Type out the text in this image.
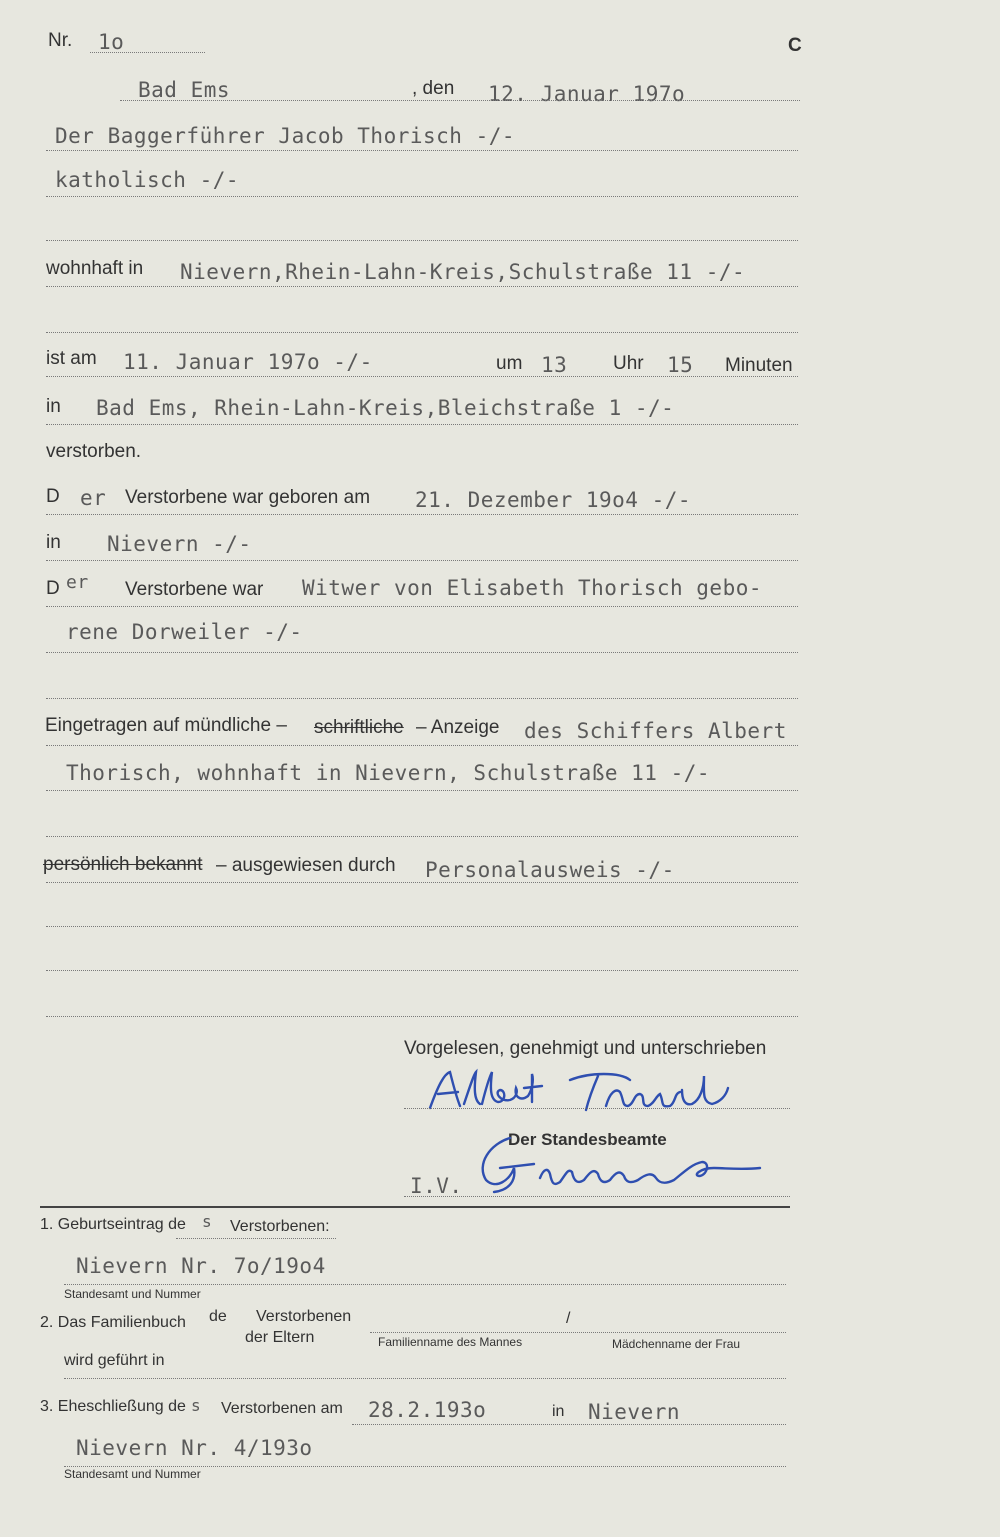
Nr. 1o	C
Bad Ems	, den 12. Januar 197o
Der Baggerführer Jacob Thorisch -/-
katholisch -/-
wohnhaft in Nievern,Rhein-Lahn-Kreis,Schulstraße 11 -/-
ist am 11. Januar 197o -/-	um 13 Uhr 15 Minuten
in Bad Ems, Rhein-Lahn-Kreis,Bleichstraße 1 -/-
verstorben.
D er Verstorbene war geboren am 21. Dezember 19o4 -/-
in Nievern -/-
D er Verstorbene war Witwer von Elisabeth Thorisch gebo-
rene Dorweiler -/-
Eingetragen auf mündliche – schriftliche – Anzeige des Schiffers Albert
Thorisch, wohnhaft in Nievern, Schulstraße 11 -/-
persönlich bekannt – ausgewiesen durch Personalausweis -/-
Vorgelesen, genehmigt und unterschrieben
Der Standesbeamte
I.V.
1. Geburtseintrag de s Verstorbenen:
Nievern Nr. 7o/19o4
Standesamt und Nummer
2. Das Familienbuch de Verstorbenen
der Eltern
/
Familienname des Mannes	Mädchenname der Frau
wird geführt in
3. Eheschließung de s Verstorbenen am 28.2.193o	in Nievern
Nievern Nr. 4/193o
Standesamt und Nummer
